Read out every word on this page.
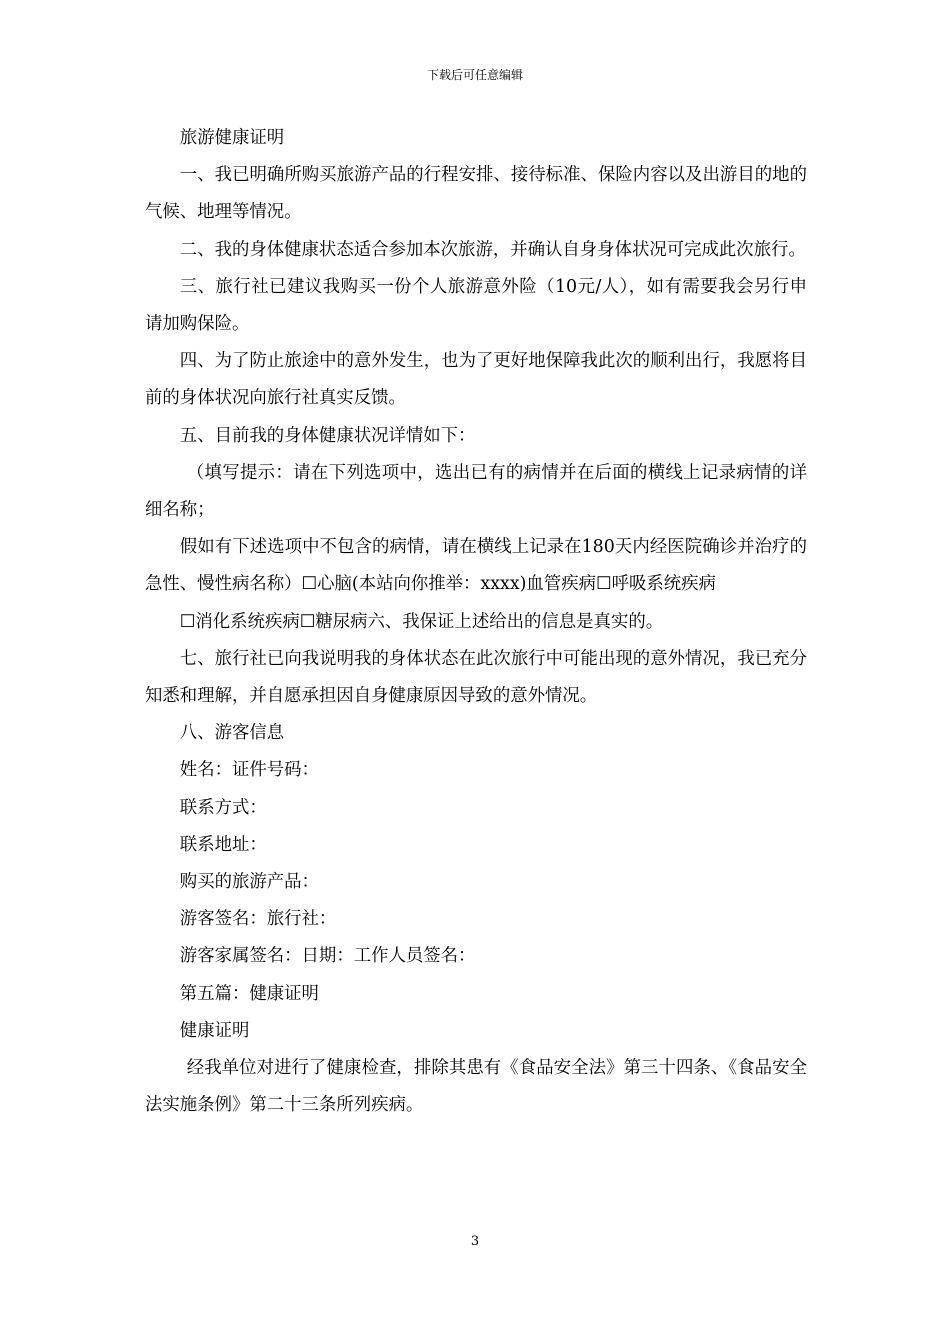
下载后可任意编辑

旅游健康证明

一、我已明确所购买旅游产品的行程安排、接待标准、保险内容以及出游目的地的气候、地理等情况。

二、我的身体健康状态适合参加本次旅游，并确认自身身体状况可完成此次旅行。

三、旅行社已建议我购买一份个人旅游意外险（10元/人），如有需要我会另行申请加购保险。

四、为了防止旅途中的意外发生，也为了更好地保障我此次的顺利出行，我愿将目前的身体状况向旅行社真实反馈。

五、目前我的身体健康状况详情如下：

（填写提示：请在下列选项中，选出已有的病情并在后面的横线上记录病情的详细名称；

假如有下述选项中不包含的病情，请在横线上记录在180天内经医院确诊并治疗的急性、慢性病名称）☐心脑(本站向你推举：xxxx)血管疾病☐呼吸系统疾病

☐消化系统疾病☐糖尿病六、我保证上述给出的信息是真实的。

七、旅行社已向我说明我的身体状态在此次旅行中可能出现的意外情况，我已充分知悉和理解，并自愿承担因自身健康原因导致的意外情况。

八、游客信息

姓名：证件号码：

联系方式：

联系地址：

购买的旅游产品：

游客签名：旅行社：

游客家属签名：日期：工作人员签名：

第五篇：健康证明

健康证明

经我单位对进行了健康检查，排除其患有《食品安全法》第三十四条、《食品安全法实施条例》第二十三条所列疾病。

3
